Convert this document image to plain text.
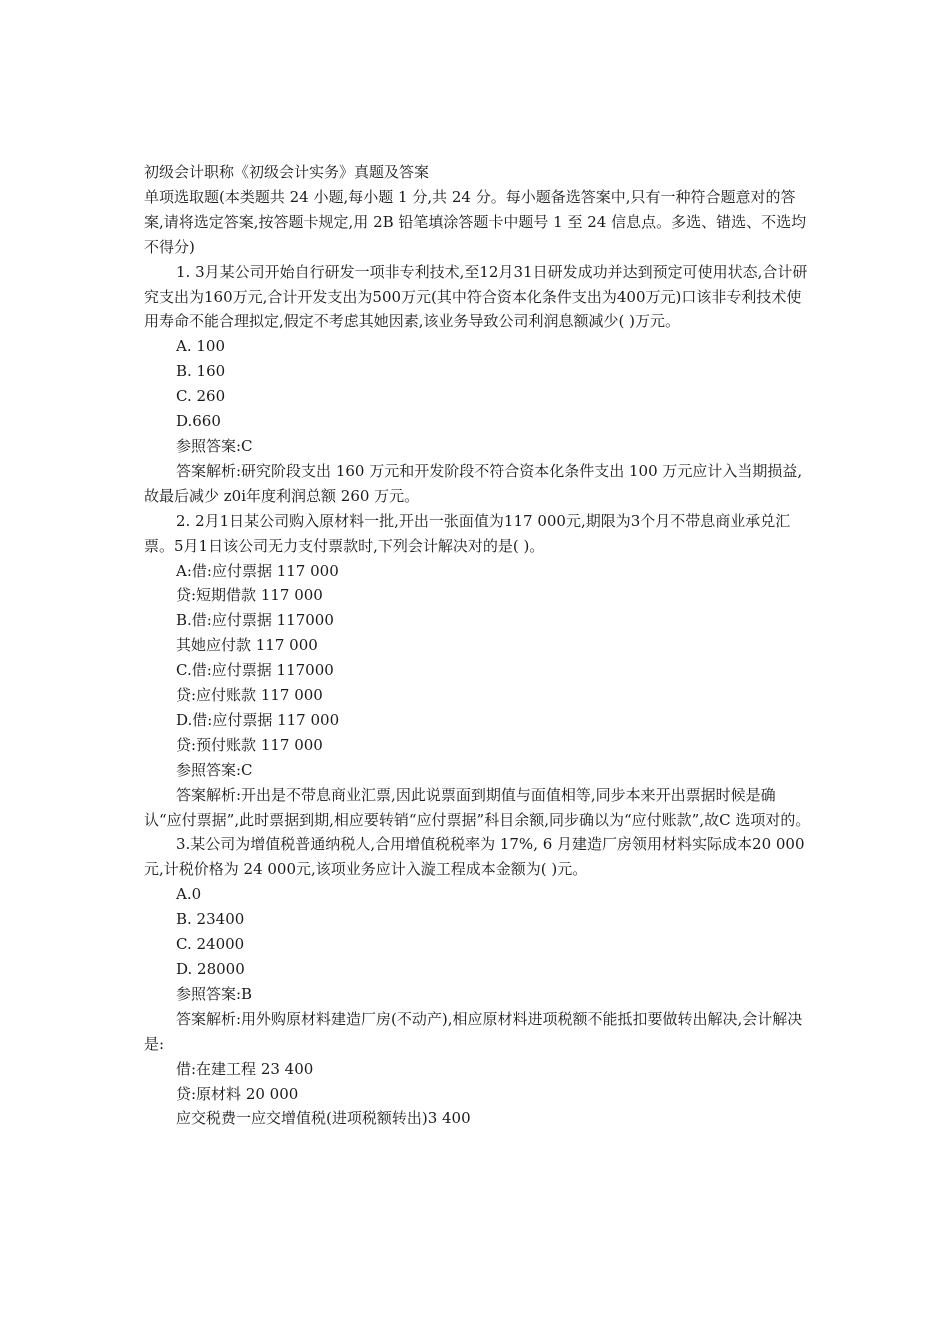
初级会计职称《初级会计实务》真题及答案

单项选取题(本类题共 24 小题,每小题 1 分,共 24 分。每小题备选答案中,只有一种符合题意对的答案,请将选定答案,按答题卡规定,用 2B 铅笔填涂答题卡中题号 1 至 24 信息点。多选、错选、不选均不得分)

1. 3月某公司开始自行研发一项非专利技术,至12月31日研发成功并达到预定可使用状态,合计研究支出为160万元,合计开发支出为500万元(其中符合资本化条件支出为400万元)口该非专利技术使用寿命不能合理拟定,假定不考虑其她因素,该业务导致公司利润息额减少( )万元。

A. 100

B. 160

C. 260

D.660

参照答案:C

答案解析:研究阶段支出 160 万元和开发阶段不符合资本化条件支出 100 万元应计入当期损益,故最后减少 z0i年度利润总额 260 万元。

2. 2月1日某公司购入原材料一批,开出一张面值为117 000元,期限为3个月不带息商业承兑汇票。5月1日该公司无力支付票款时,下列会计解决对的是( )。

A:借:应付票据 117 000

贷:短期借款 117 000

B.借:应付票据 117000

其她应付款 117 000

C.借:应付票据 117000

贷:应付账款 117 000

D.借:应付票据 117 000

贷:预付账款 117 000

参照答案:C

答案解析:开出是不带息商业汇票,因此说票面到期值与面值相等,同步本来开出票据时候是确认“应付票据”,此时票据到期,相应要转销“应付票据”科目余额,同步确以为“应付账款”,故C 选项对的。

3.某公司为增值税普通纳税人,合用增值税税率为 17%, 6 月建造厂房领用材料实际成本20 000元,计税价格为 24 000元,该项业务应计入漩工程成本金额为( )元。

A.0

B. 23400

C. 24000

D. 28000

参照答案:B

答案解析:用外购原材料建造厂房(不动产),相应原材料进项税额不能抵扣要做转出解决,会计解决是:

借:在建工程 23 400

贷:原材料 20 000

应交税费一应交增值税(进项税额转出)3 400
